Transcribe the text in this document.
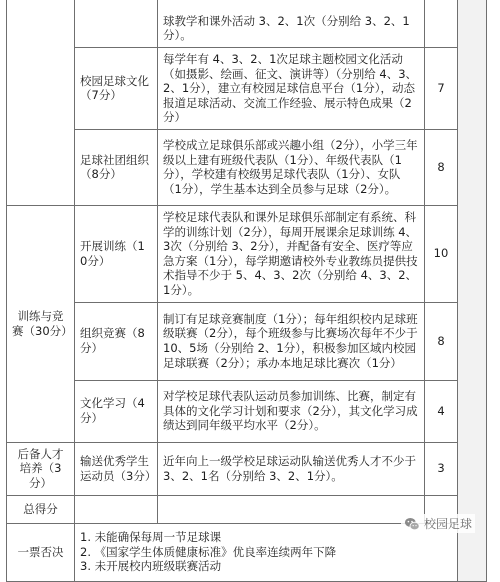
		球教学和课外活动 3、2、1次（分别给 3、2、1分）。		
	校园足球文化（7分）	每学年有 4、3、2、1次足球主题校园文化活动（如摄影、绘画、征文、演讲等）（分别给 4、3、2、1分），建立有校园足球信息平台（1分），动态报道足球活动、交流工作经验、展示特色成果（2分）	7	
	足球社团组织（8分）	学校成立足球俱乐部或兴趣小组（2分），小学三年级以上建有班级代表队（1分）、年级代表队（1分），学校建有校级男足球代表队（1分）、女队（1分），学生基本达到全员参与足球（2分）。	8	
训练与竞赛（30分）	开展训练（10分）	学校足球代表队和课外足球俱乐部制定有系统、科学的训练计划（2分），每周开展课余足球训练 4、3次（分别给 3、2分），并配备有安全、医疗等应急方案（1分），每学期邀请校外专业教练员提供技术指导不少于 5、4、3、2次（分别给 4、3、2、1分）。	10	
	组织竞赛（8分）	制订有足球竞赛制度（1分）；每年组织校内足球班级联赛（2分），每个班级参与比赛场次每年不少于 10、5场（分别给 2、1分），积极参加区域内校园足球联赛（2分）；承办本地足球比赛次（1分）	8	
	文化学习（4分）	对学校足球代表队运动员参加训练、比赛，制定有具体的文化学习计划和要求（2分），其文化学习成绩达到同年级平均水平（2分）。	4	
后备人才培养（3分）	输送优秀学生运动员（3分）	近年向上一级学校足球运动队输送优秀人才不少于 3、2、1名（分别给 3、2、1分）。	3	
总得分				
一票否决	1. 未能确保每周一节足球课
2. 《国家学生体质健康标准》优良率连续两年下降
3. 未开展校内班级联赛活动			
校园足球
